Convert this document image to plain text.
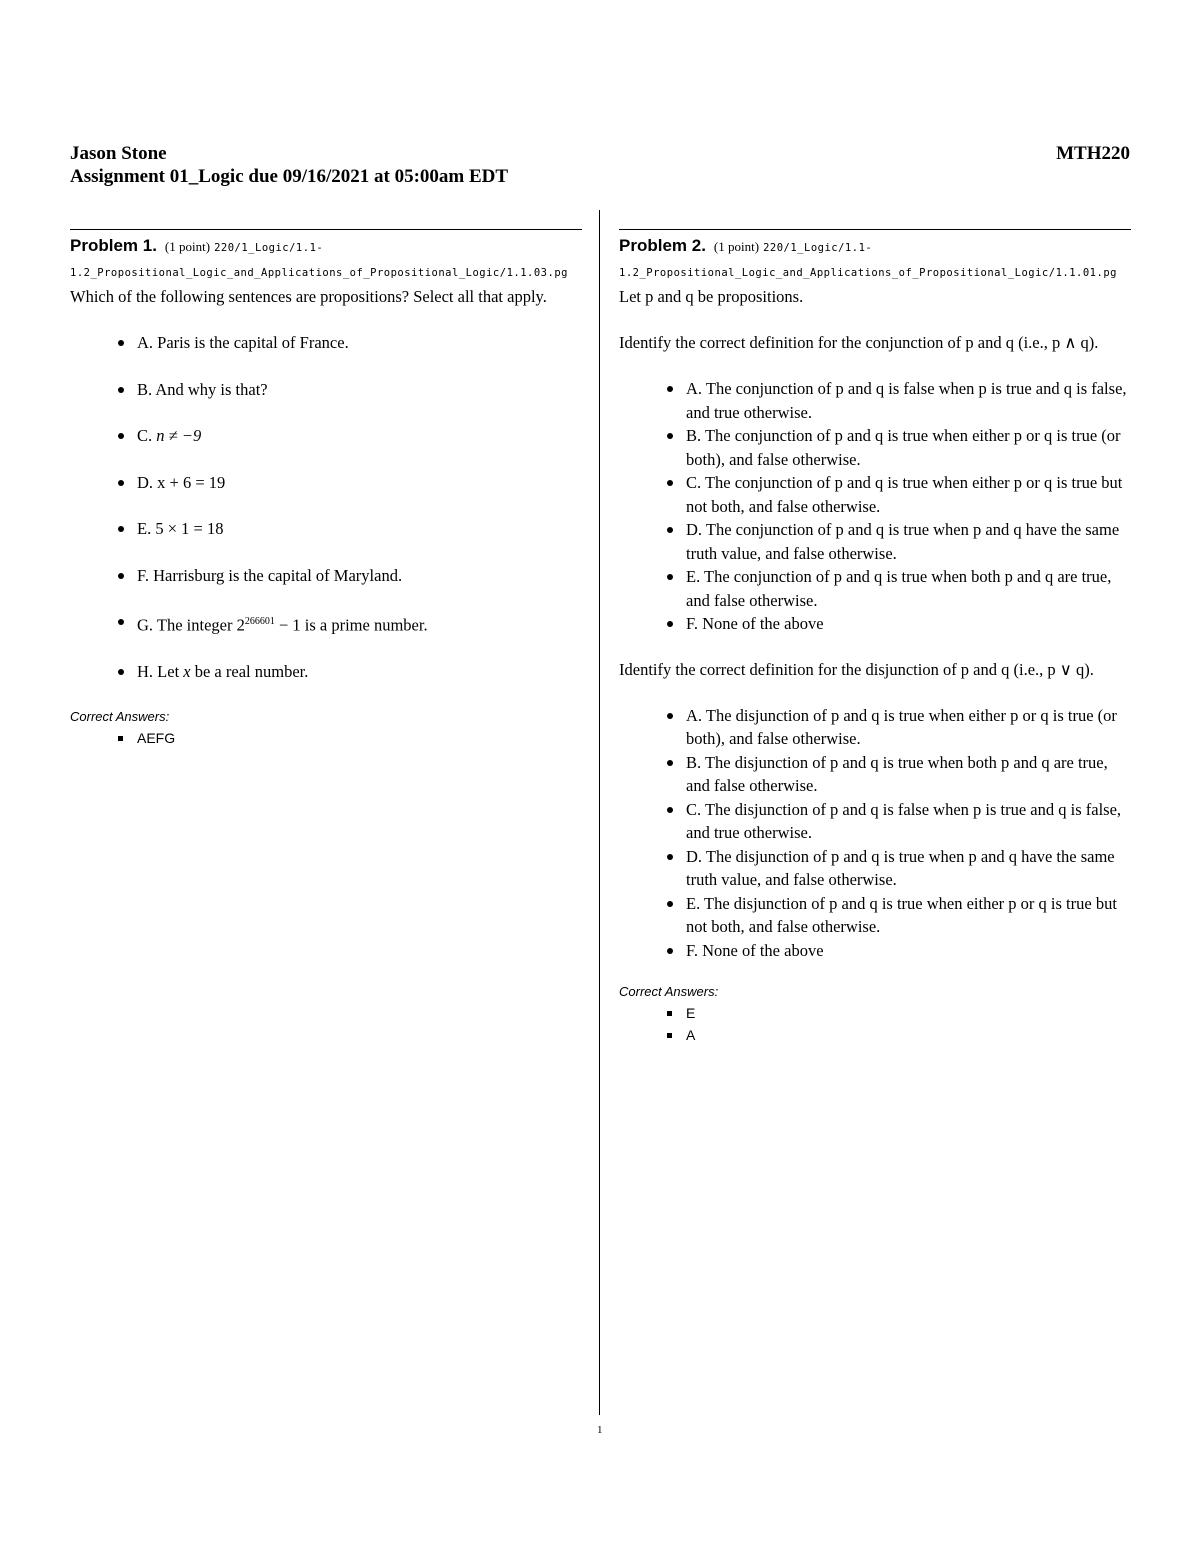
Jason Stone	MTH220
Assignment 01_Logic due 09/16/2021 at 05:00am EDT
Problem 1. (1 point) 220/1_Logic/1.1-1.2_Propositional_Logic_and_Applications_of_Propositional_Logic/1.1.03.pg
Which of the following sentences are propositions? Select all that apply.
A. Paris is the capital of France.
B. And why is that?
C. n ≠ −9
D. x + 6 = 19
E. 5 × 1 = 18
F. Harrisburg is the capital of Maryland.
G. The integer $2^{266601} - 1$ is a prime number.
H. Let x be a real number.
Correct Answers:
AEFG
Problem 2. (1 point) 220/1_Logic/1.1-1.2_Propositional_Logic_and_Applications_of_Propositional_Logic/1.1.01.pg
Let p and q be propositions.
Identify the correct definition for the conjunction of p and q (i.e., p ∧ q).
A. The conjunction of p and q is false when p is true and q is false, and true otherwise.
B. The conjunction of p and q is true when either p or q is true (or both), and false otherwise.
C. The conjunction of p and q is true when either p or q is true but not both, and false otherwise.
D. The conjunction of p and q is true when p and q have the same truth value, and false otherwise.
E. The conjunction of p and q is true when both p and q are true, and false otherwise.
F. None of the above
Identify the correct definition for the disjunction of p and q (i.e., p ∨ q).
A. The disjunction of p and q is true when either p or q is true (or both), and false otherwise.
B. The disjunction of p and q is true when both p and q are true, and false otherwise.
C. The disjunction of p and q is false when p is true and q is false, and true otherwise.
D. The disjunction of p and q is true when p and q have the same truth value, and false otherwise.
E. The disjunction of p and q is true when either p or q is true but not both, and false otherwise.
F. None of the above
Correct Answers:
E
A
1
